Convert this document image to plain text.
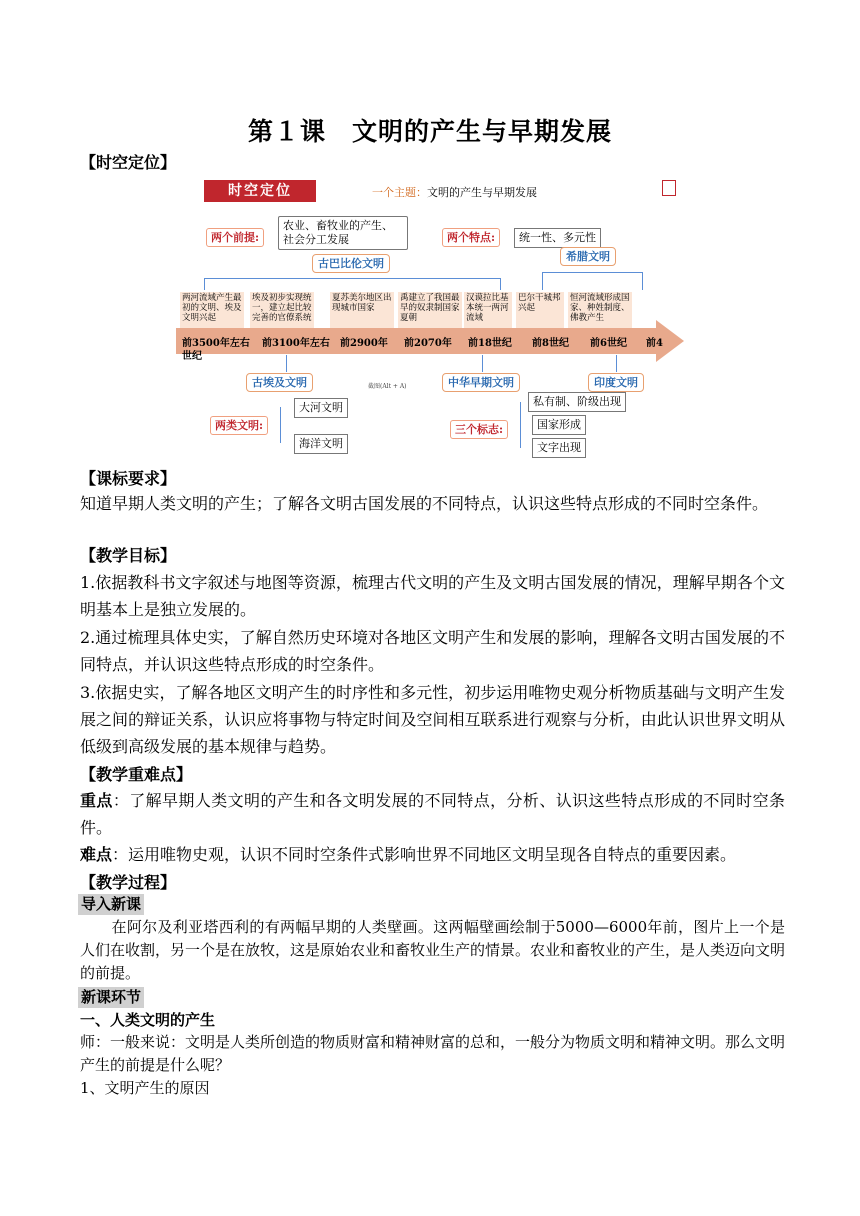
第１课　文明的产生与早期发展
【时空定位】
时空定位	一个主题：文明的产生与早期发展
两个前提:
农业、畜牧业的产生、社会分工发展	两个特点:	统一性、多元性
古巴比伦文明
希腊文明
两河流域产生最初的文明、埃及文明兴起
埃及初步实现统一，建立起比较完善的官僚系统
夏苏美尔地区出现城市国家
禹建立了我国最早的奴隶制国家夏朝
汉谟拉比基本统一两河流域
巴尔干城邦兴起
恒河流域形成国家、种姓制度、佛教产生
前3500年左右 前3100年左右 前2900年 前2070年 前18世纪 前8世纪 前6世纪 前4
世纪
古埃及文明	中华早期文明	印度文明
截图(Alt + A)
两类文明:
大河文明
海洋文明
三个标志:
私有制、阶级出现
国家形成
文字出现
【课标要求】
知道早期人类文明的产生；了解各文明古国发展的不同特点，认识这些特点形成的不同时空条件。
【教学目标】
1.依据教科书文字叙述与地图等资源，梳理古代文明的产生及文明古国发展的情况，理解早期各个文明基本上是独立发展的。
2.通过梳理具体史实，了解自然历史环境对各地区文明产生和发展的影响，理解各文明古国发展的不同特点，并认识这些特点形成的时空条件。
3.依据史实，了解各地区文明产生的时序性和多元性，初步运用唯物史观分析物质基础与文明产生发展之间的辩证关系，认识应将事物与特定时间及空间相互联系进行观察与分析，由此认识世界文明从低级到高级发展的基本规律与趋势。
【教学重难点】
重点：了解早期人类文明的产生和各文明发展的不同特点，分析、认识这些特点形成的不同时空条件。
难点：运用唯物史观，认识不同时空条件式影响世界不同地区文明呈现各自特点的重要因素。
【教学过程】
导入新课
在阿尔及利亚塔西利的有两幅早期的人类壁画。这两幅壁画绘制于5000—6000年前，图片上一个是人们在收割，另一个是在放牧，这是原始农业和畜牧业生产的情景。农业和畜牧业的产生，是人类迈向文明的前提。
新课环节
一、人类文明的产生
师：一般来说：文明是人类所创造的物质财富和精神财富的总和，一般分为物质文明和精神文明。那么文明产生的前提是什么呢？
1、文明产生的原因
